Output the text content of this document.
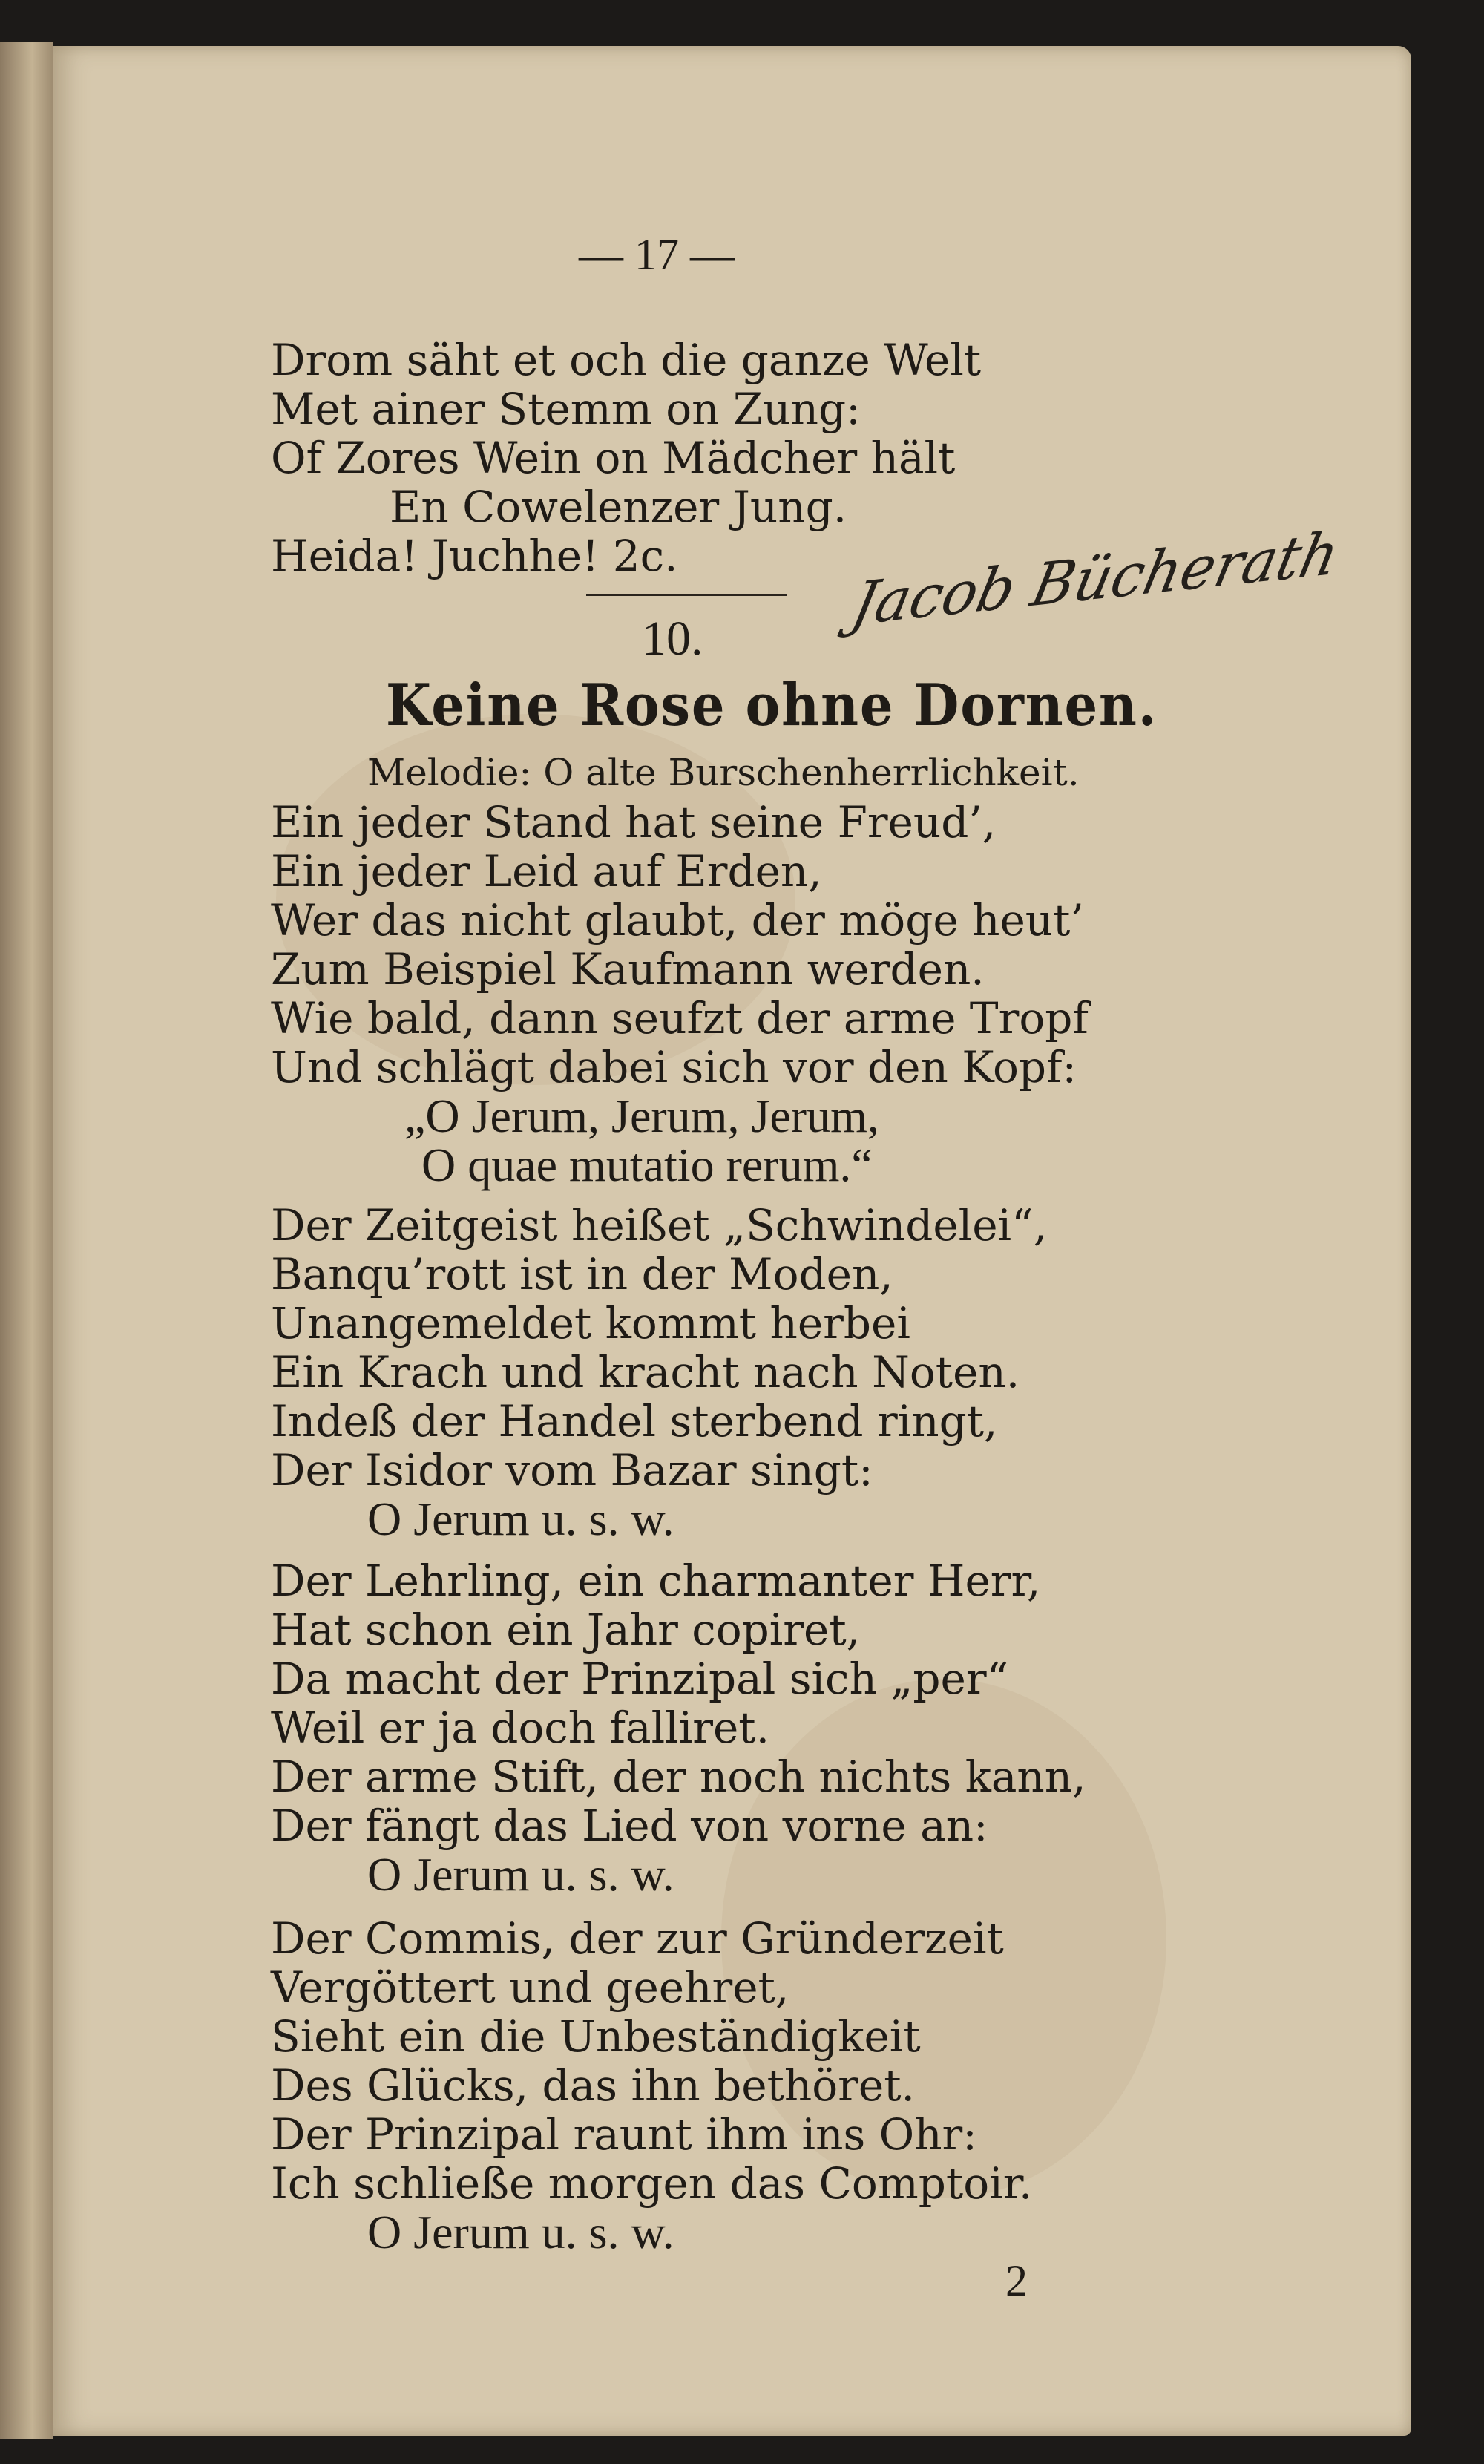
— 17 —
Drom säht et och die ganze Welt
Met ainer Stemm on Zung:
Of Zores Wein on Mädcher hält
En Cowelenzer Jung.
Heida! Juchhe! 2c.	Jacob Bücherath
10.
Keine Rose ohne Dornen.
Melodie: O alte Burschenherrlichkeit.
Ein jeder Stand hat seine Freud’,
Ein jeder Leid auf Erden,
Wer das nicht glaubt, der möge heut’
Zum Beispiel Kaufmann werden.
Wie bald, dann seufzt der arme Tropf
Und schlägt dabei sich vor den Kopf:
„O Jerum, Jerum, Jerum,
O quae mutatio rerum.“
Der Zeitgeist heißet „Schwindelei“,
Banqu’rott ist in der Moden,
Unangemeldet kommt herbei
Ein Krach und kracht nach Noten.
Indeß der Handel sterbend ringt,
Der Isidor vom Bazar singt:
O Jerum u. s. w.
Der Lehrling, ein charmanter Herr,
Hat schon ein Jahr copiret,
Da macht der Prinzipal sich „per“
Weil er ja doch falliret.
Der arme Stift, der noch nichts kann,
Der fängt das Lied von vorne an:
O Jerum u. s. w.
Der Commis, der zur Gründerzeit
Vergöttert und geehret,
Sieht ein die Unbeständigkeit
Des Glücks, das ihn bethöret.
Der Prinzipal raunt ihm ins Ohr:
Ich schließe morgen das Comptoir.
O Jerum u. s. w.
2
